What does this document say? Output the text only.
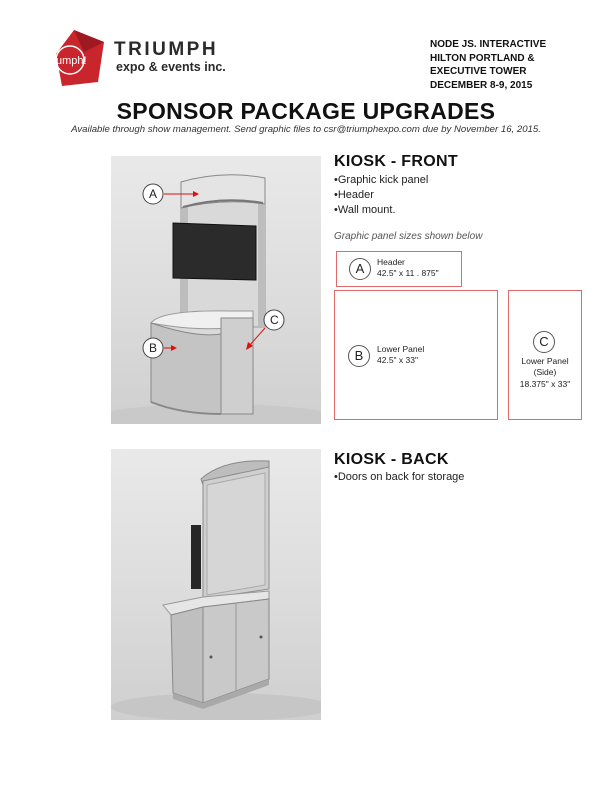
umph!
TRIUMPH
expo & events inc.
NODE JS. INTERACTIVE
HILTON PORTLAND &
EXECUTIVE TOWER
DECEMBER 8-9, 2015
SPONSOR PACKAGE UPGRADES
Available through show management. Send graphic files to csr@triumphexpo.com due by November 16, 2015.
A
B
C
KIOSK - FRONT
•Graphic kick panel
•Header
•Wall mount.
Graphic panel sizes shown below
A	Header
42.5" x 11 . 875"
B	Lower Panel
42.5" x 33"
C
Lower Panel
(Side)
18.375" x 33"
KIOSK - BACK
•Doors on back for storage
